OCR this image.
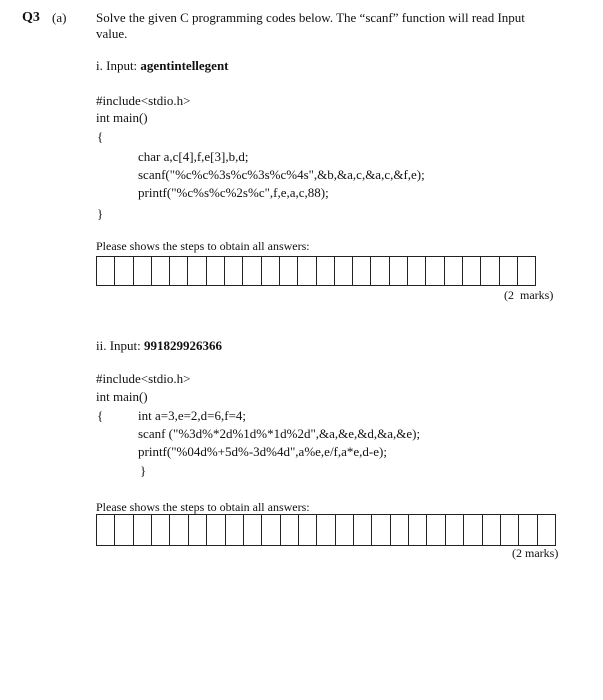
Q3 (a) Solve the given C programming codes below. The “scanf” function will read Input
value.
i. Input: agentintellegent
#include<stdio.h>
int main()
{
char a,c[4],f,e[3],b,d;
scanf("%c%c%3s%c%3s%c%4s",&b,&a,c,&a,c,&f,e);
printf("%c%s%c%2s%c",f,e,a,c,88);
}
Please shows the steps to obtain all answers:
(2  marks)
ii. Input: 991829926366
#include<stdio.h>
int main()
{	int a=3,e=2,d=6,f=4;
scanf ("%3d%*2d%1d%*1d%2d",&a,&e,&d,&a,&e);
printf("%04d%+5d%-3d%4d",a%e,e/f,a*e,d-e);
}
Please shows the steps to obtain all answers:
(2 marks)
